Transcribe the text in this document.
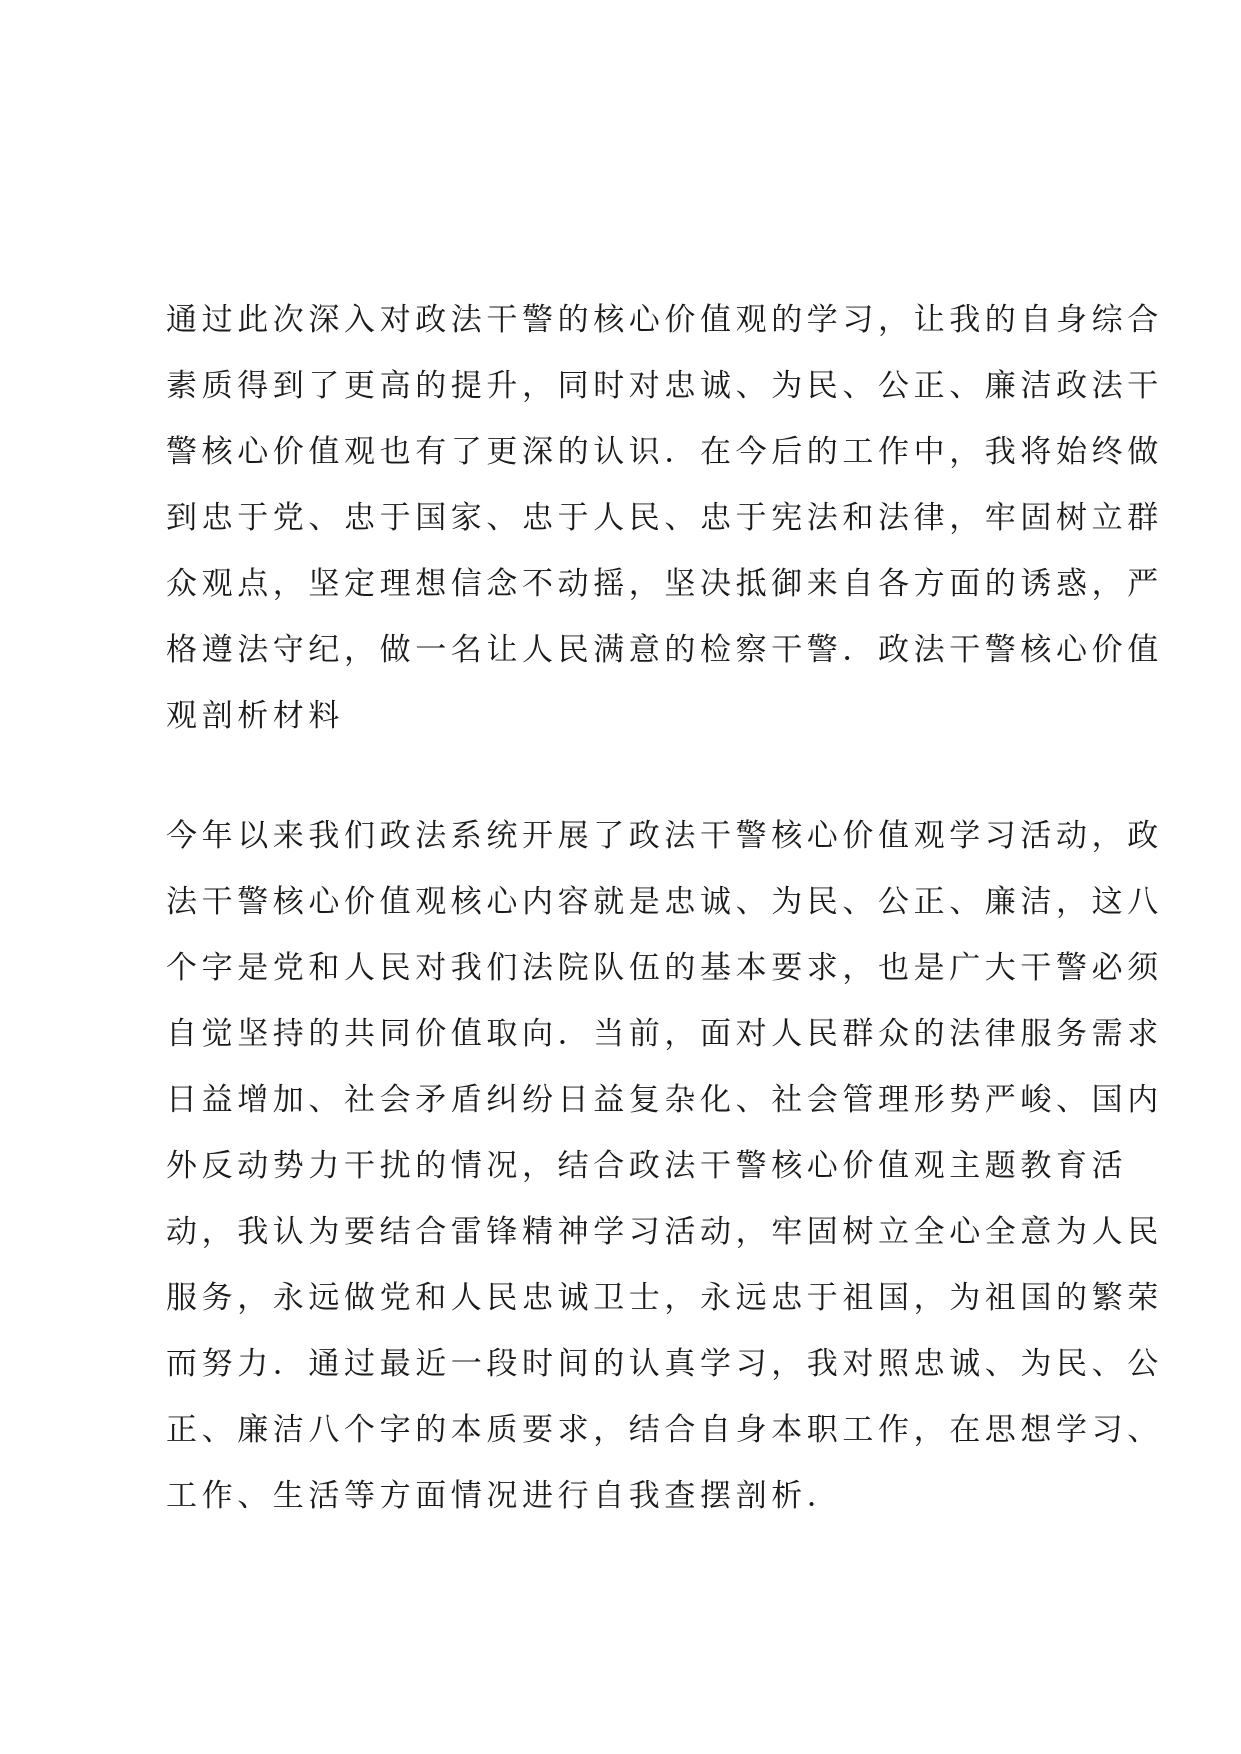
通过此次深入对政法干警的核心价值观的学习，让我的自身综合
素质得到了更高的提升，同时对忠诚、为民、公正、廉洁政法干
警核心价值观也有了更深的认识．在今后的工作中，我将始终做
到忠于党、忠于国家、忠于人民、忠于宪法和法律，牢固树立群
众观点，坚定理想信念不动摇，坚决抵御来自各方面的诱惑，严
格遵法守纪，做一名让人民满意的检察干警．政法干警核心价值
观剖析材料
今年以来我们政法系统开展了政法干警核心价值观学习活动，政
法干警核心价值观核心内容就是忠诚、为民、公正、廉洁，这八
个字是党和人民对我们法院队伍的基本要求，也是广大干警必须
自觉坚持的共同价值取向．当前，面对人民群众的法律服务需求
日益增加、社会矛盾纠纷日益复杂化、社会管理形势严峻、国内
外反动势力干扰的情况，结合政法干警核心价值观主题教育活
动，我认为要结合雷锋精神学习活动，牢固树立全心全意为人民
服务，永远做党和人民忠诚卫士，永远忠于祖国，为祖国的繁荣
而努力．通过最近一段时间的认真学习，我对照忠诚、为民、公
正、廉洁八个字的本质要求，结合自身本职工作，在思想学习、
工作、生活等方面情况进行自我查摆剖析．
